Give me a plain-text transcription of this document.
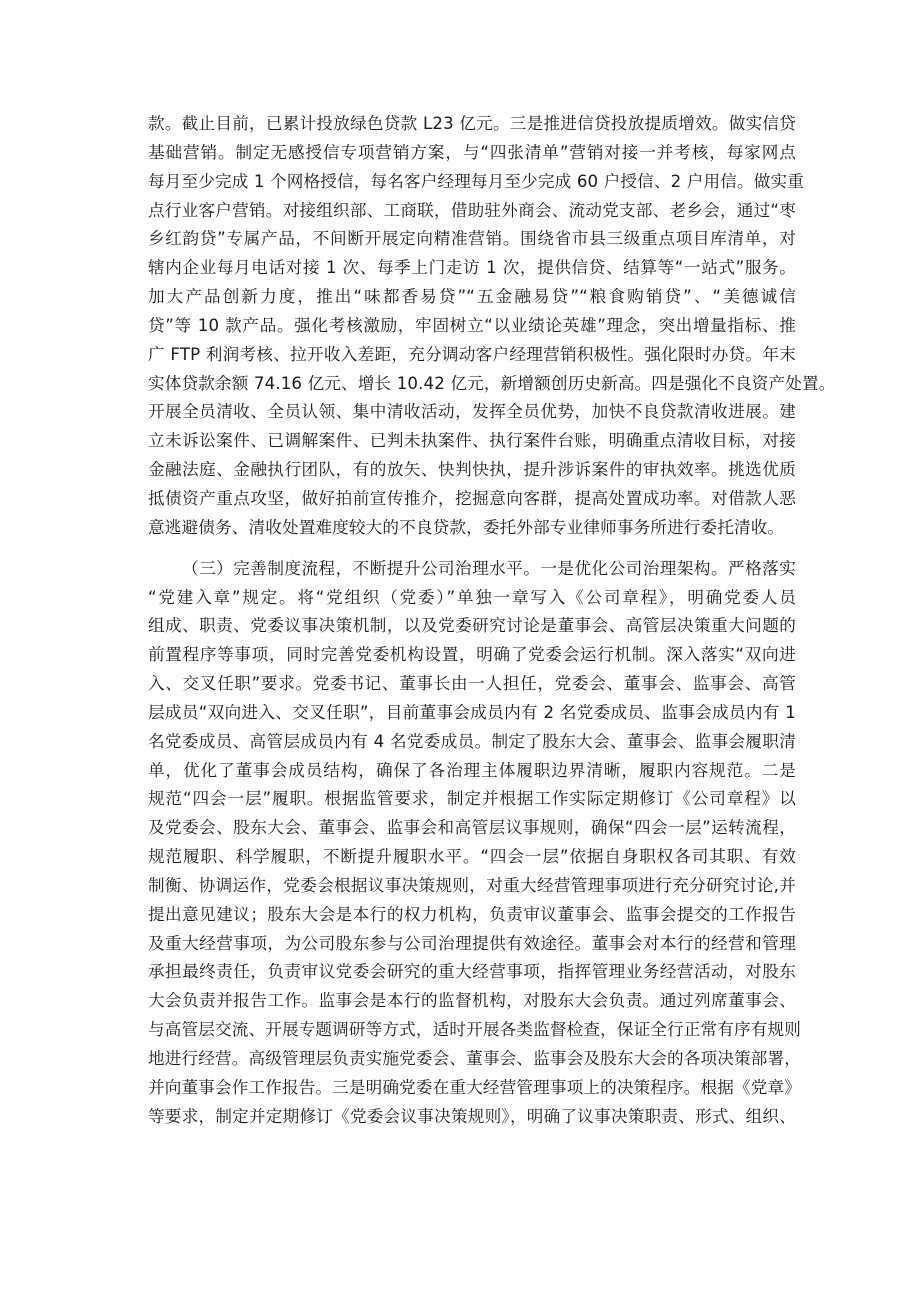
款。截止目前，已累计投放绿色贷款 L23 亿元。三是推进信贷投放提质增效。做实信贷
基础营销。制定无感授信专项营销方案，与“四张清单”营销对接一并考核，每家网点
每月至少完成 1 个网格授信，每名客户经理每月至少完成 60 户授信、2 户用信。做实重
点行业客户营销。对接组织部、工商联，借助驻外商会、流动党支部、老乡会，通过“枣
乡红韵贷”专属产品，不间断开展定向精准营销。围绕省市县三级重点项目库清单，对
辖内企业每月电话对接 1 次、每季上门走访 1 次，提供信贷、结算等“一站式”服务。
加大产品创新力度，推出“味都香易贷”“五金融易贷”“粮食购销贷”、“美德诚信
贷”等 10 款产品。强化考核激励，牢固树立“以业绩论英雄”理念，突出增量指标、推
广 FTP 利润考核、拉开收入差距，充分调动客户经理营销积极性。强化限时办贷。年末
实体贷款余额 74.16 亿元、增长 10.42 亿元，新增额创历史新高。四是强化不良资产处置。
开展全员清收、全员认领、集中清收活动，发挥全员优势，加快不良贷款清收进展。建
立未诉讼案件、已调解案件、已判未执案件、执行案件台账，明确重点清收目标，对接
金融法庭、金融执行团队，有的放矢、快判快执，提升涉诉案件的审执效率。挑选优质
抵债资产重点攻坚，做好拍前宣传推介，挖掘意向客群，提高处置成功率。对借款人恶
意逃避债务、清收处置难度较大的不良贷款，委托外部专业律师事务所进行委托清收。
（三）完善制度流程，不断提升公司治理水平。一是优化公司治理架构。严格落实
“党建入章”规定。将“党组织（党委）”单独一章写入《公司章程》，明确党委人员
组成、职责、党委议事决策机制，以及党委研究讨论是董事会、高管层决策重大问题的
前置程序等事项，同时完善党委机构设置，明确了党委会运行机制。深入落实“双向进
入、交叉任职”要求。党委书记、董事长由一人担任，党委会、董事会、监事会、高管
层成员“双向进入、交叉任职”，目前董事会成员内有 2 名党委成员、监事会成员内有 1
名党委成员、高管层成员内有 4 名党委成员。制定了股东大会、董事会、监事会履职清
单，优化了董事会成员结构，确保了各治理主体履职边界清晰，履职内容规范。二是
规范“四会一层”履职。根据监管要求，制定并根据工作实际定期修订《公司章程》以
及党委会、股东大会、董事会、监事会和高管层议事规则，确保“四会一层”运转流程，
规范履职、科学履职，不断提升履职水平。“四会一层”依据自身职权各司其职、有效
制衡、协调运作，党委会根据议事决策规则，对重大经营管理事项进行充分研究讨论,并
提出意见建议；股东大会是本行的权力机构，负责审议董事会、监事会提交的工作报告
及重大经营事项，为公司股东参与公司治理提供有效途径。董事会对本行的经营和管理
承担最终责任，负责审议党委会研究的重大经营事项，指挥管理业务经营活动，对股东
大会负责并报告工作。监事会是本行的监督机构，对股东大会负责。通过列席董事会、
与高管层交流、开展专题调研等方式，适时开展各类监督检查，保证全行正常有序有规则
地进行经营。高级管理层负责实施党委会、董事会、监事会及股东大会的各项决策部署，
并向董事会作工作报告。三是明确党委在重大经营管理事项上的决策程序。根据《党章》
等要求，制定并定期修订《党委会议事决策规则》，明确了议事决策职责、形式、组织、
